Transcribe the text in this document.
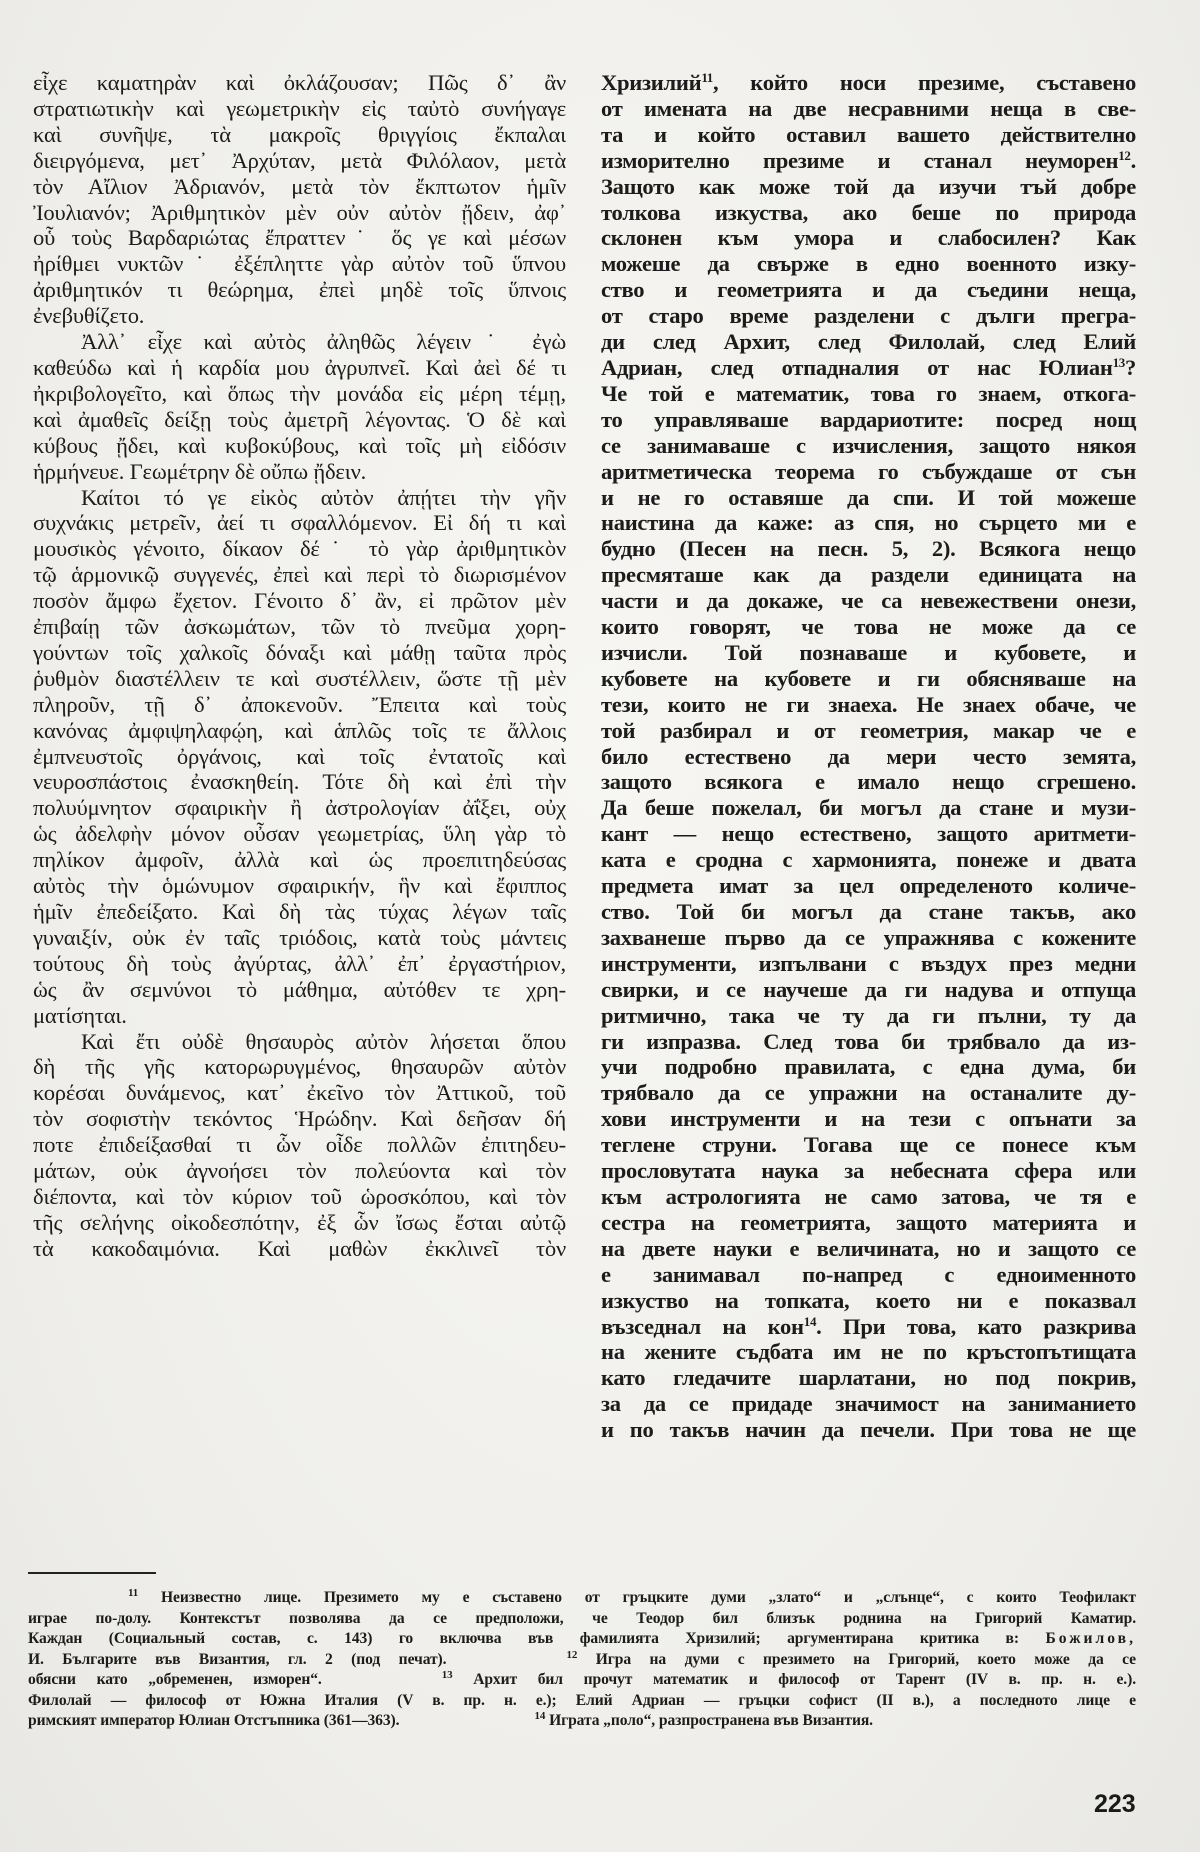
εἶχε καματηρὰν καὶ ὀκλάζουσαν; Πῶς δ᾽ ἂν
στρατιωτικὴν καὶ γεωμετρικὴν εἰς ταὐτὸ συνήγαγε
καὶ συνῆψε, τὰ μακροῖς θριγγίοις ἔκπαλαι
διειργόμενα, μετ᾽ Ἀρχύταν, μετὰ Φιλόλαον, μετὰ
τὸν Αἴλιον Ἀδριανόν, μετὰ τὸν ἔκπτωτον ἡμῖν
Ἰουλιανόν; Ἀριθμητικὸν μὲν οὐν αὐτὸν ᾔδειν, ἀφ᾽
οὗ τοὺς Βαρδαριώτας ἔπραττεν˙ ὅς γε καὶ μέσων
ἠρίθμει νυκτῶν˙ ἐξέπληττε γὰρ αὐτὸν τοῦ ὕπνου
ἀριθμητικόν τι θεώρημα, ἐπεὶ μηδὲ τοῖς ὕπνοις
ἐνεβυθίζετο.
Ἀλλ᾽ εἶχε καὶ αὐτὸς ἀληθῶς λέγειν˙ ἐγὼ
καθεύδω καὶ ἡ καρδία μου ἀγρυπνεῖ. Καὶ ἀεὶ δέ τι
ἠκριβολογεῖτο, καὶ ὅπως τὴν μονάδα εἰς μέρη τέμῃ,
καὶ ἀμαθεῖς δείξῃ τοὺς ἀμετρῆ λέγοντας. Ὁ δὲ καὶ
κύβους ᾔδει, καὶ κυβοκύβους, καὶ τοῖς μὴ εἰδόσιν
ἡρμήνευε. Γεωμέτρην δὲ οὔπω ᾔδειν.
Καίτοι τό γε εἰκὸς αὐτὸν ἀπῄτει τὴν γῆν
συχνάκις μετρεῖν, ἀεί τι σφαλλόμενον. Εἰ δή τι καὶ
μουσικὸς γένοιτο, δίκαον δέ˙ τὸ γὰρ ἀριθμητικὸν
τῷ ἁρμονικῷ συγγενές, ἐπεὶ καὶ περὶ τὸ διωρισμένον
ποσὸν ἄμφω ἔχετον. Γένοιτο δ᾽ ἂν, εἰ πρῶτον μὲν
ἐπιβαίῃ τῶν ἀσκωμάτων, τῶν τὸ πνεῦμα χορη-
γούντων τοῖς χαλκοῖς δόναξι καὶ μάθῃ ταῦτα πρὸς
ῥυθμὸν διαστέλλειν τε καὶ συστέλλειν, ὥστε τῇ μὲν
πληροῦν, τῇ δ᾽ ἀποκενοῦν. Ἔπειτα καὶ τοὺς
κανόνας ἀμφιψηλαφῴη, καὶ ἁπλῶς τοῖς τε ἄλλοις
ἐμπνευστοῖς ὀργάνοις, καὶ τοῖς ἐντατοῖς καὶ
νευροσπάστοις ἐνασκηθείη. Τότε δὴ καὶ ἐπὶ τὴν
πολυύμνητον σφαιρικὴν ἢ ἀστρολογίαν ἀΐξει, οὐχ
ὡς ἀδελφὴν μόνον οὖσαν γεωμετρίας, ὕλη γὰρ τὸ
πηλίκον ἀμφοῖν, ἀλλὰ καὶ ὡς προεπιτηδεύσας
αὐτὸς τὴν ὁμώνυμον σφαιρικήν, ἣν καὶ ἔφιππος
ἡμῖν ἐπεδείξατο. Καὶ δὴ τὰς τύχας λέγων ταῖς
γυναιξίν, οὐκ ἐν ταῖς τριόδοις, κατὰ τοὺς μάντεις
τούτους δὴ τοὺς ἀγύρτας, ἀλλ᾽ ἐπ᾽ ἐργαστήριον,
ὡς ἂν σεμνύνοι τὸ μάθημα, αὐτόθεν τε χρη-
ματίσηται.
Καὶ ἔτι οὐδὲ θησαυρὸς αὐτὸν λήσεται ὅπου
δὴ τῆς γῆς κατορωρυγμένος, θησαυρῶν αὐτὸν
κορέσαι δυνάμενος, κατ᾽ ἐκεῖνο τὸν Ἀττικοῦ, τοῦ
τὸν σοφιστὴν τεκόντος Ἡρώδην. Καὶ δεῆσαν δή
ποτε ἐπιδείξασθαί τι ὧν οἶδε πολλῶν ἐπιτηδευ-
μάτων, οὐκ ἀγνοήσει τὸν πολεύοντα καὶ τὸν
διέποντα, καὶ τὸν κύριον τοῦ ὡροσκόπου, καὶ τὸν
τῆς σελήνης οἰκοδεσπότην, ἐξ ὧν ἴσως ἔσται αὐτῷ
τὰ κακοδαιμόνια. Καὶ μαθὼν ἐκκλινεῖ τὸν
Хризилий$^{11}$, който носи презиме, съставено
от имената на две несравними неща в све-
та и който оставил вашето действително
изморително презиме и станал неуморен$^{12}$.
Защото как може той да изучи тъй добре
толкова изкуства, ако беше по природа
склонен към умора и слабосилен? Как
можеше да свърже в едно военното изку-
ство и геометрията и да съедини неща,
от старо време разделени с дълги прегра-
ди след Архит, след Филолай, след Елий
Адриан, след отпадналия от нас Юлиан$^{13}$?
Че той е математик, това го знаем, откога-
то управляваше вардариотите: посред нощ
се занимаваше с изчисления, защото някоя
аритметическа теорема го събуждаше от сън
и не го оставяше да спи. И той можеше
наистина да каже: аз спя, но сърцето ми е
будно (Песен на песн. 5, 2). Всякога нещо
пресмяташе как да раздели единицата на
части и да докаже, че са невежествени онези,
които говорят, че това не може да се
изчисли. Той познаваше и кубовете, и
кубовете на кубовете и ги обясняваше на
тези, които не ги знаеха. Не знаех обаче, че
той разбирал и от геометрия, макар че е
било естествено да мери често земята,
защото всякога е имало нещо сгрешено.
Да беше пожелал, би могъл да стане и музи-
кант — нещо естествено, защото аритмети-
ката е сродна с хармонията, понеже и двата
предмета имат за цел определеното количе-
ство. Той би могъл да стане такъв, ако
захванеше първо да се упражнява с кожените
инструменти, изпълвани с въздух през медни
свирки, и се научеше да ги надува и отпуща
ритмично, така че ту да ги пълни, ту да
ги изпразва. След това би трябвало да из-
учи подробно правилата, с една дума, би
трябвало да се упражни на останалите ду-
хови инструменти и на тези с опънати за
теглене струни. Тогава ще се понесе към
прословутата наука за небесната сфера или
към астрологията не само затова, че тя е
сестра на геометрията, защото материята и
на двете науки е величината, но и защото се
е занимавал по-напред с едноименното
изкуство на топката, което ни е показвал
възседнал на кон$^{14}$. При това, като разкрива
на жените съдбата им не по кръстопътищата
като гледачите шарлатани, но под покрив,
за да се придаде значимост на заниманието
и по такъв начин да печели. При това не ще
$^{11}$ Неизвестно лице. Презимето му е съставено от гръцките думи „злато“ и „слънце“, с които Теофилакт
играе по-долу. Контекстът позволява да се предположи, че Теодор бил близък роднина на Григорий Каматир.
Каждан (Социальный состав, с. 143) го включва във фамилията Хризилий; аргументирана критика в: Божилов,
И. Българите във Византия, гл. 2 (под печат).	$^{12}$ Игра на думи с презимето на Григорий, което може да се
обясни като „обременен, изморен“.	$^{13}$ Архит бил прочут математик и философ от Тарент (IV в. пр. н. е.).
Филолай — философ от Южна Италия (V в. пр. н. е.); Елий Адриан — гръцки софист (II в.), а последното лице е
римският император Юлиан Отстъпника (361—363).	$^{14}$ Играта „поло“, разпространена във Византия.
223
